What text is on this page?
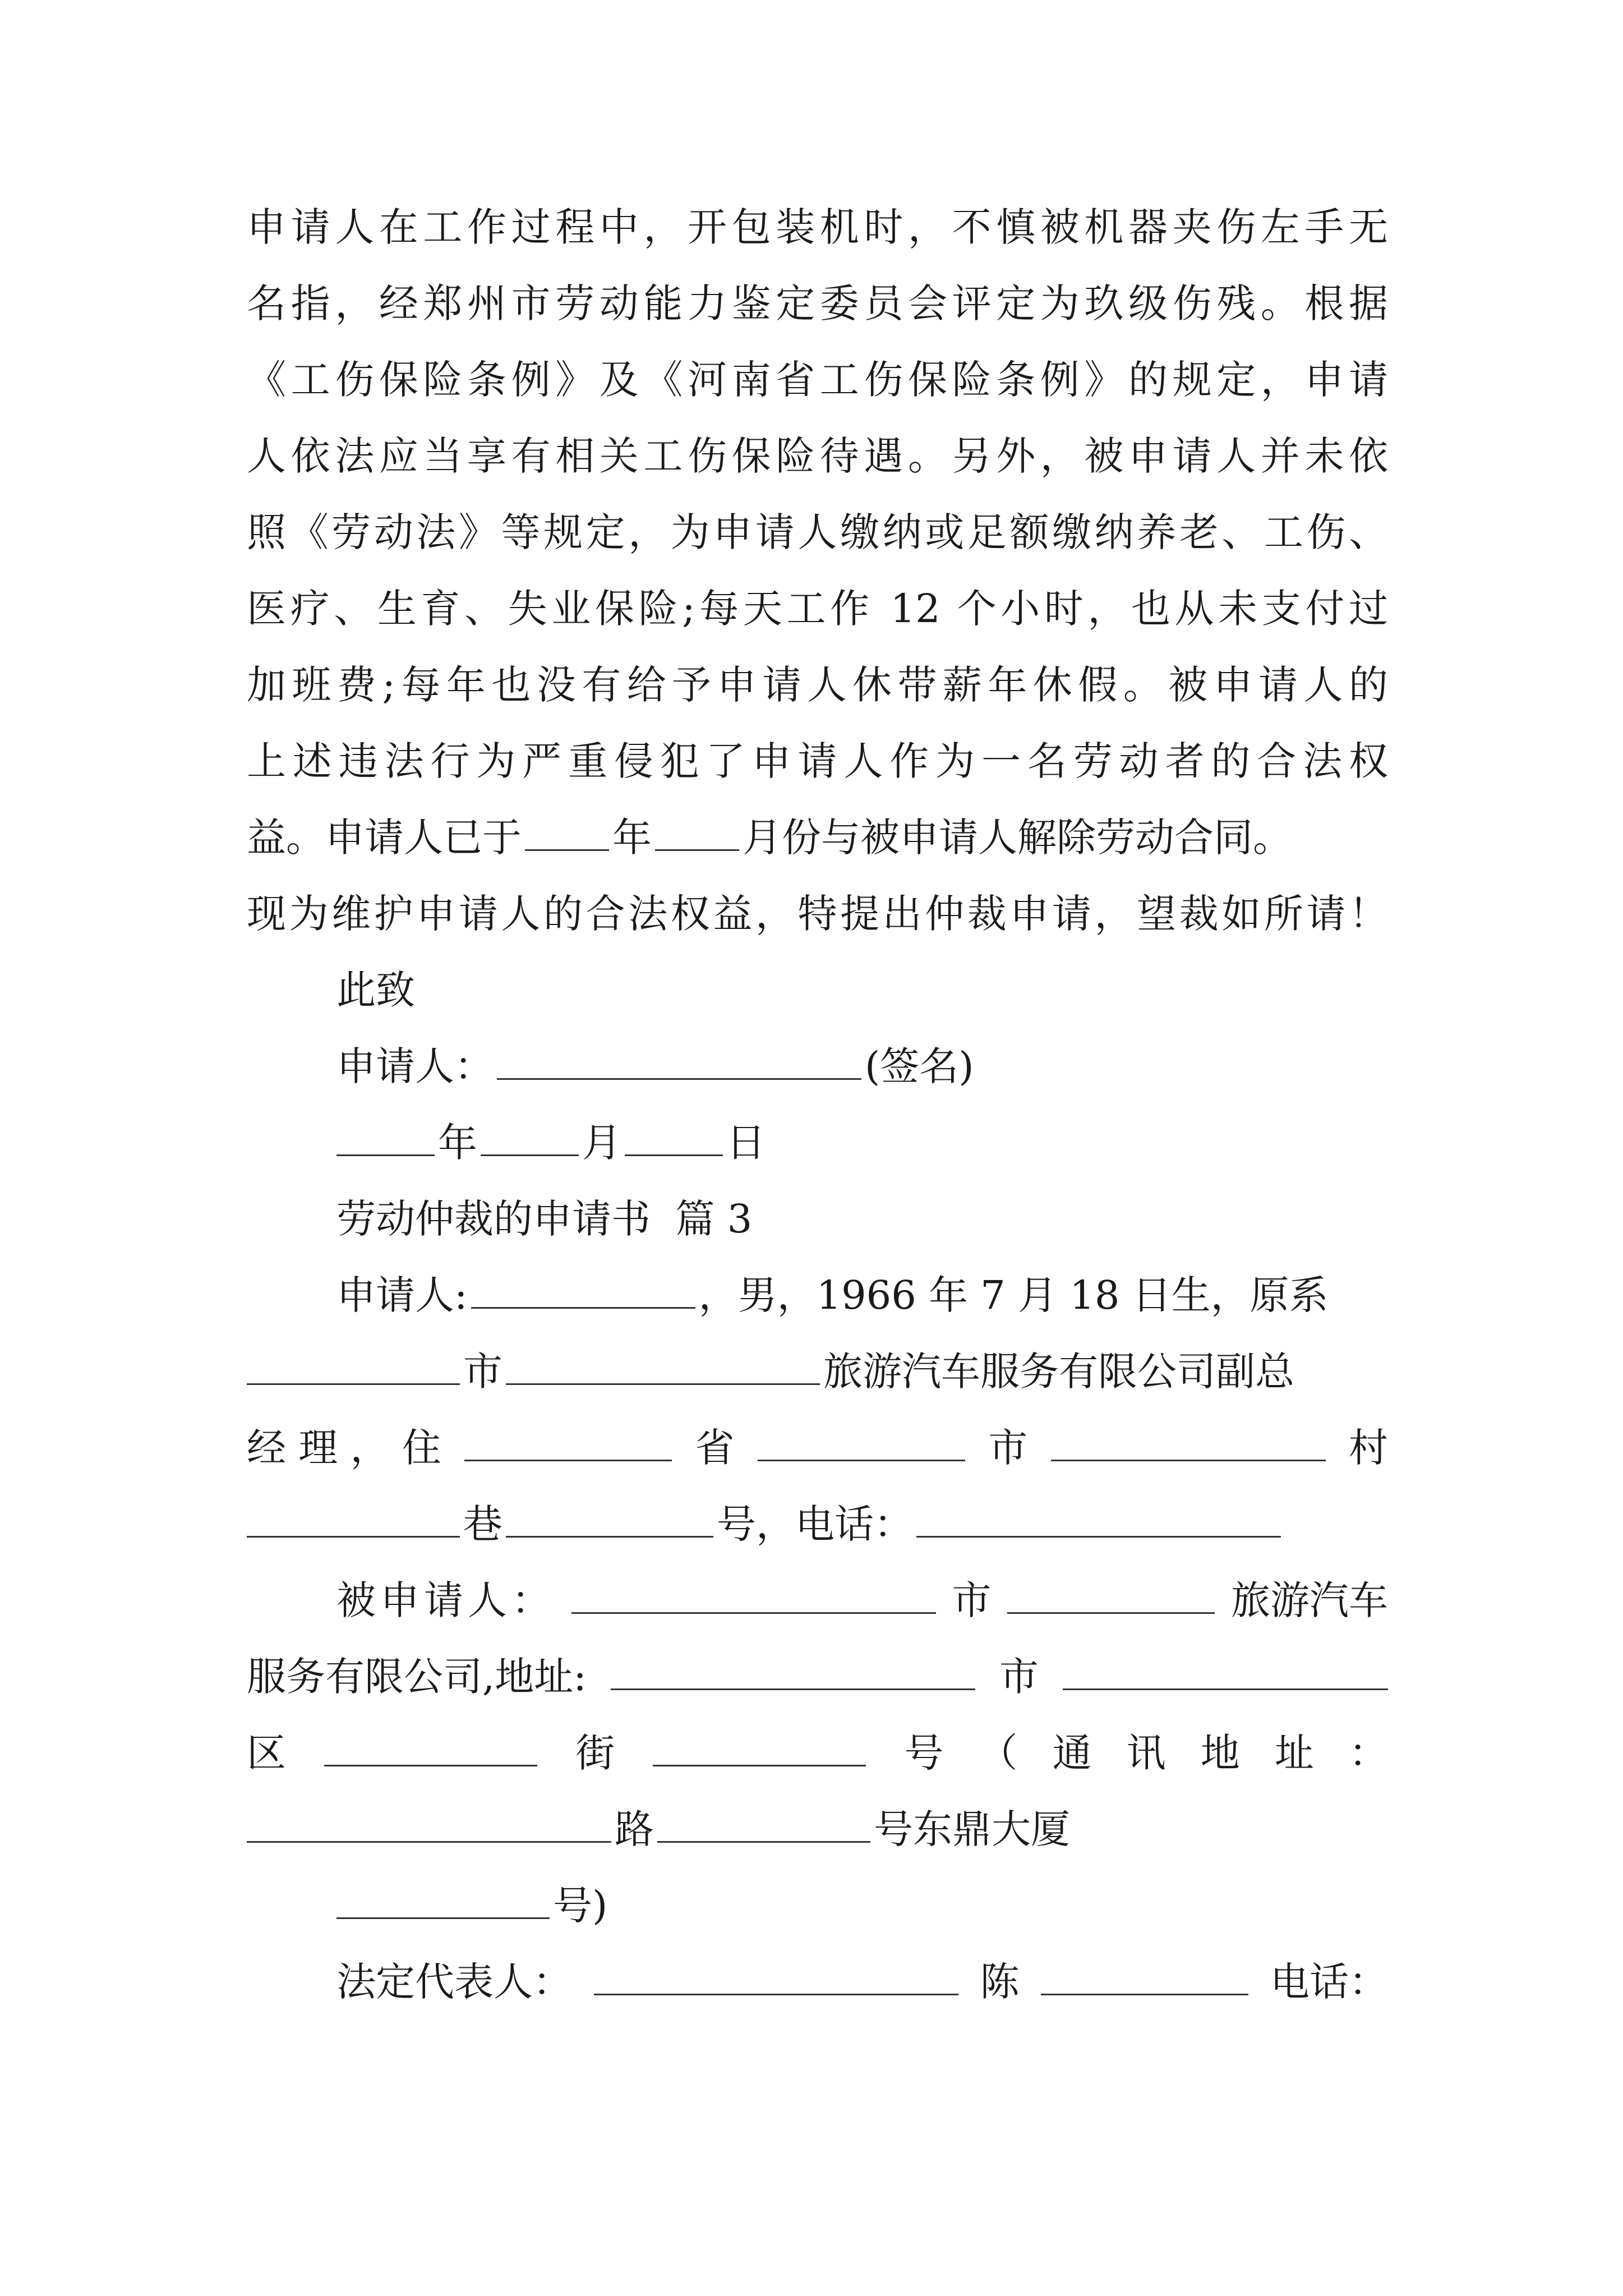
申请人在工作过程中，开包装机时，不慎被机器夹伤左手无
名指，经郑州市劳动能力鉴定委员会评定为玖级伤残。根据
《工伤保险条例》及《河南省工伤保险条例》的规定，申请
人依法应当享有相关工伤保险待遇。另外，被申请人并未依
照《劳动法》等规定，为申请人缴纳或足额缴纳养老、工伤、
医疗、生育、失业保险;每天工作 12 个小时，也从未支付过
加班费;每年也没有给予申请人休带薪年休假。被申请人的
上述违法行为严重侵犯了申请人作为一名劳动者的合法权
益。申请人已于 年 月份与被申请人解除劳动合同。
现为维护申请人的合法权益，特提出仲裁申请，望裁如所请！
此致
申请人：	(签名)
年	月	日
劳动仲裁的申请书  篇 3
申请人:	，男，1966 年 7 月 18 日生，原系
市	旅游汽车服务有限公司副总
经 理 ， 住	省	市	村
巷	号，电话：
被申请人：	市	旅游汽车
服务有限公司,地址:	市
区	街	号 （ 通 讯 地 址 ：
路	号东鼎大厦
号)
法定代表人：	陈	电话：
